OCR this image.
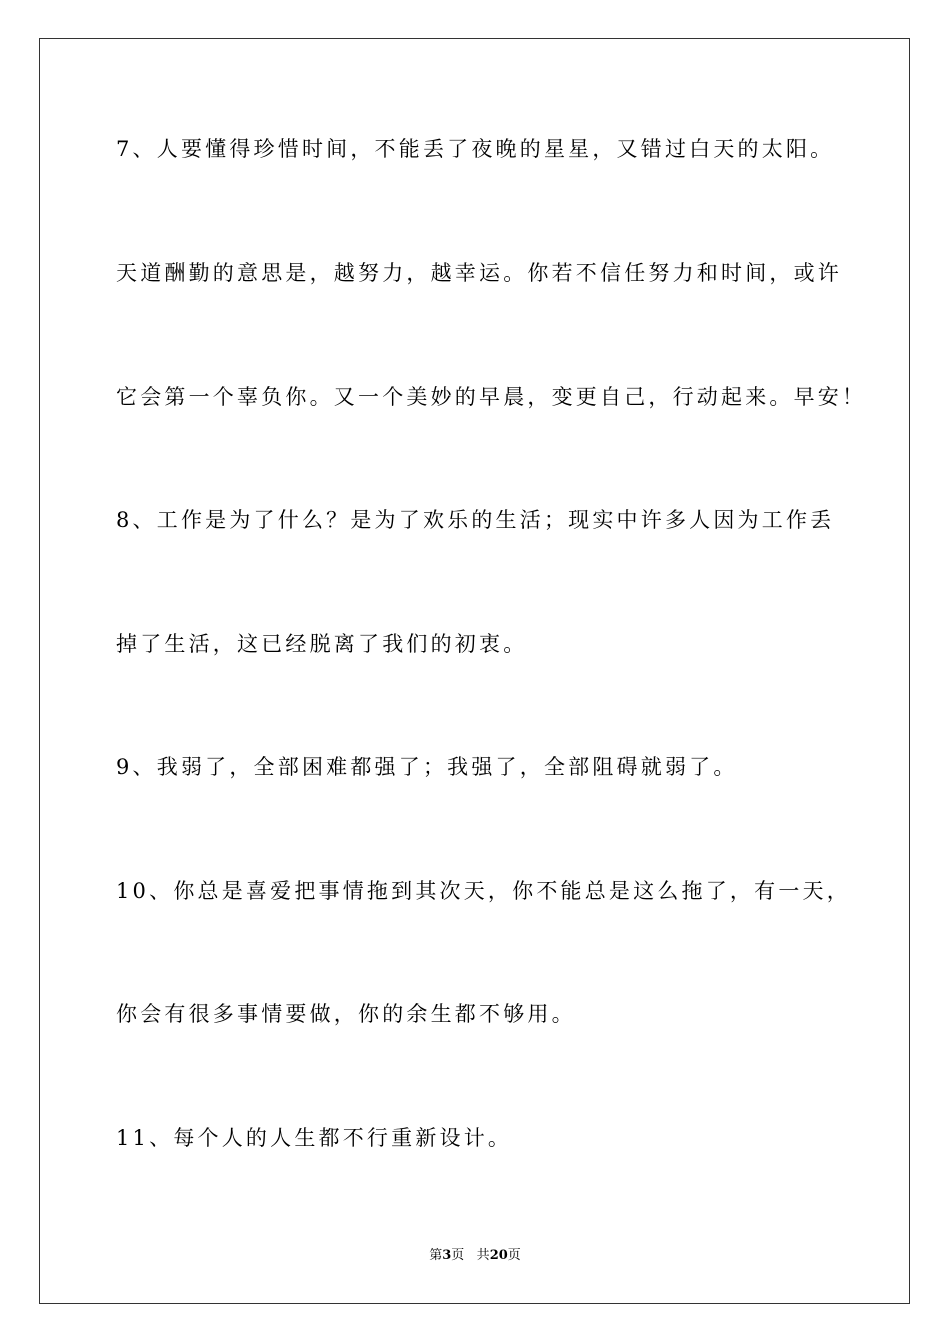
7、人要懂得珍惜时间，不能丢了夜晚的星星，又错过白天的太阳。
天道酬勤的意思是，越努力，越幸运。你若不信任努力和时间，或许
它会第一个辜负你。又一个美妙的早晨，变更自己，行动起来。早安！
8、工作是为了什么？是为了欢乐的生活；现实中许多人因为工作丢
掉了生活，这已经脱离了我们的初衷。
9、我弱了，全部困难都强了；我强了，全部阻碍就弱了。
10、你总是喜爱把事情拖到其次天，你不能总是这么拖了，有一天，
你会有很多事情要做，你的余生都不够用。
11、每个人的人生都不行重新设计。
第3页 共20页
